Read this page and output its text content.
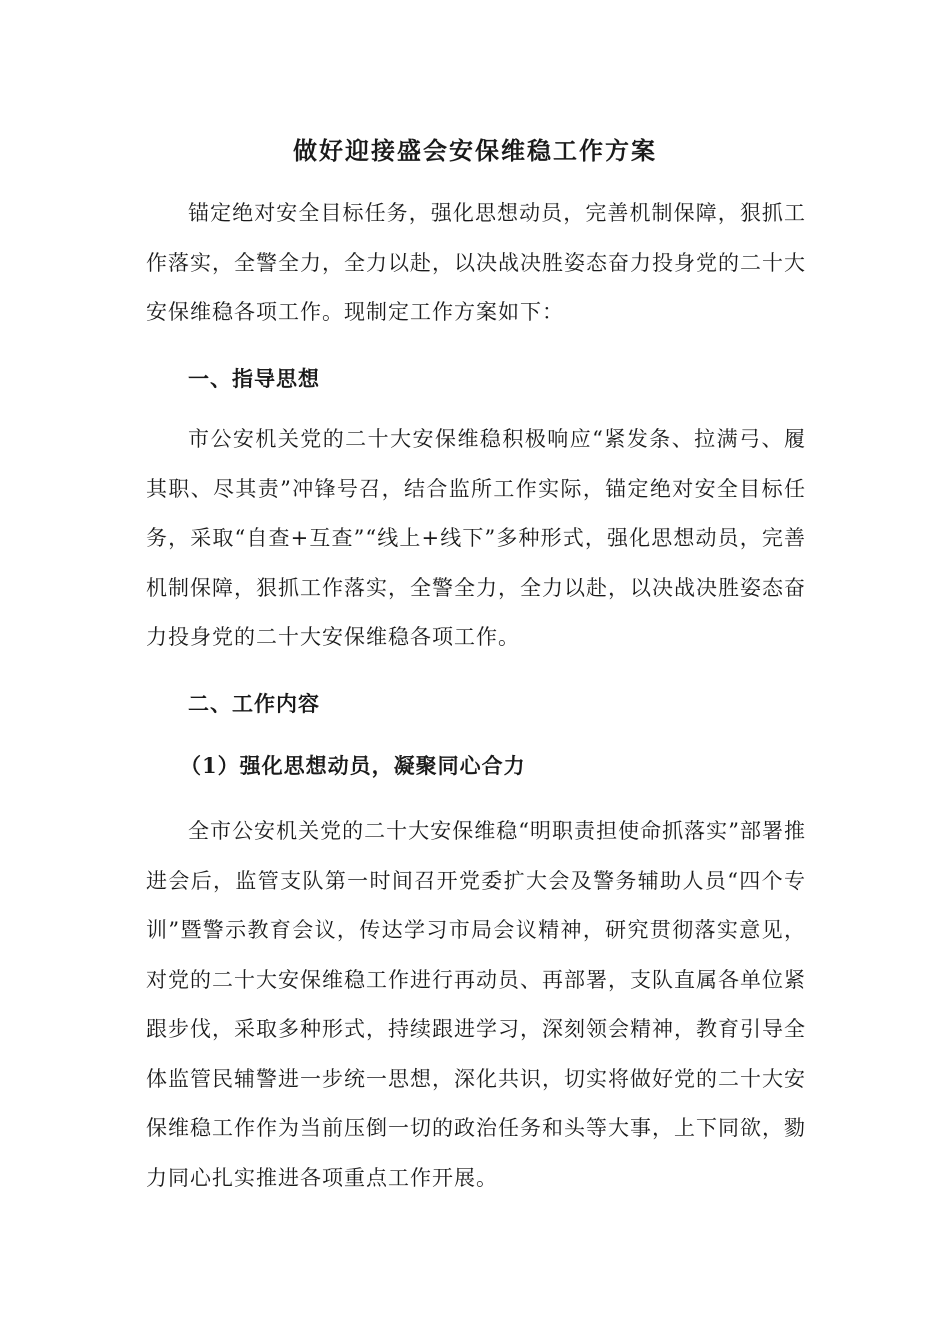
做好迎接盛会安保维稳工作方案

锚定绝对安全目标任务，强化思想动员，完善机制保障，狠抓工作落实，全警全力，全力以赴，以决战决胜姿态奋力投身党的二十大安保维稳各项工作。现制定工作方案如下：

一、指导思想

市公安机关党的二十大安保维稳积极响应“紧发条、拉满弓、履其职、尽其责”冲锋号召，结合监所工作实际，锚定绝对安全目标任务，采取“自查+互查”“线上+线下”多种形式，强化思想动员，完善机制保障，狠抓工作落实，全警全力，全力以赴，以决战决胜姿态奋力投身党的二十大安保维稳各项工作。

二、工作内容
（1）强化思想动员，凝聚同心合力

全市公安机关党的二十大安保维稳“明职责担使命抓落实”部署推进会后，监管支队第一时间召开党委扩大会及警务辅助人员“四个专训”暨警示教育会议，传达学习市局会议精神，研究贯彻落实意见，对党的二十大安保维稳工作进行再动员、再部署，支队直属各单位紧跟步伐，采取多种形式，持续跟进学习，深刻领会精神，教育引导全体监管民辅警进一步统一思想，深化共识，切实将做好党的二十大安保维稳工作作为当前压倒一切的政治任务和头等大事，上下同欲，勠力同心扎实推进各项重点工作开展。
